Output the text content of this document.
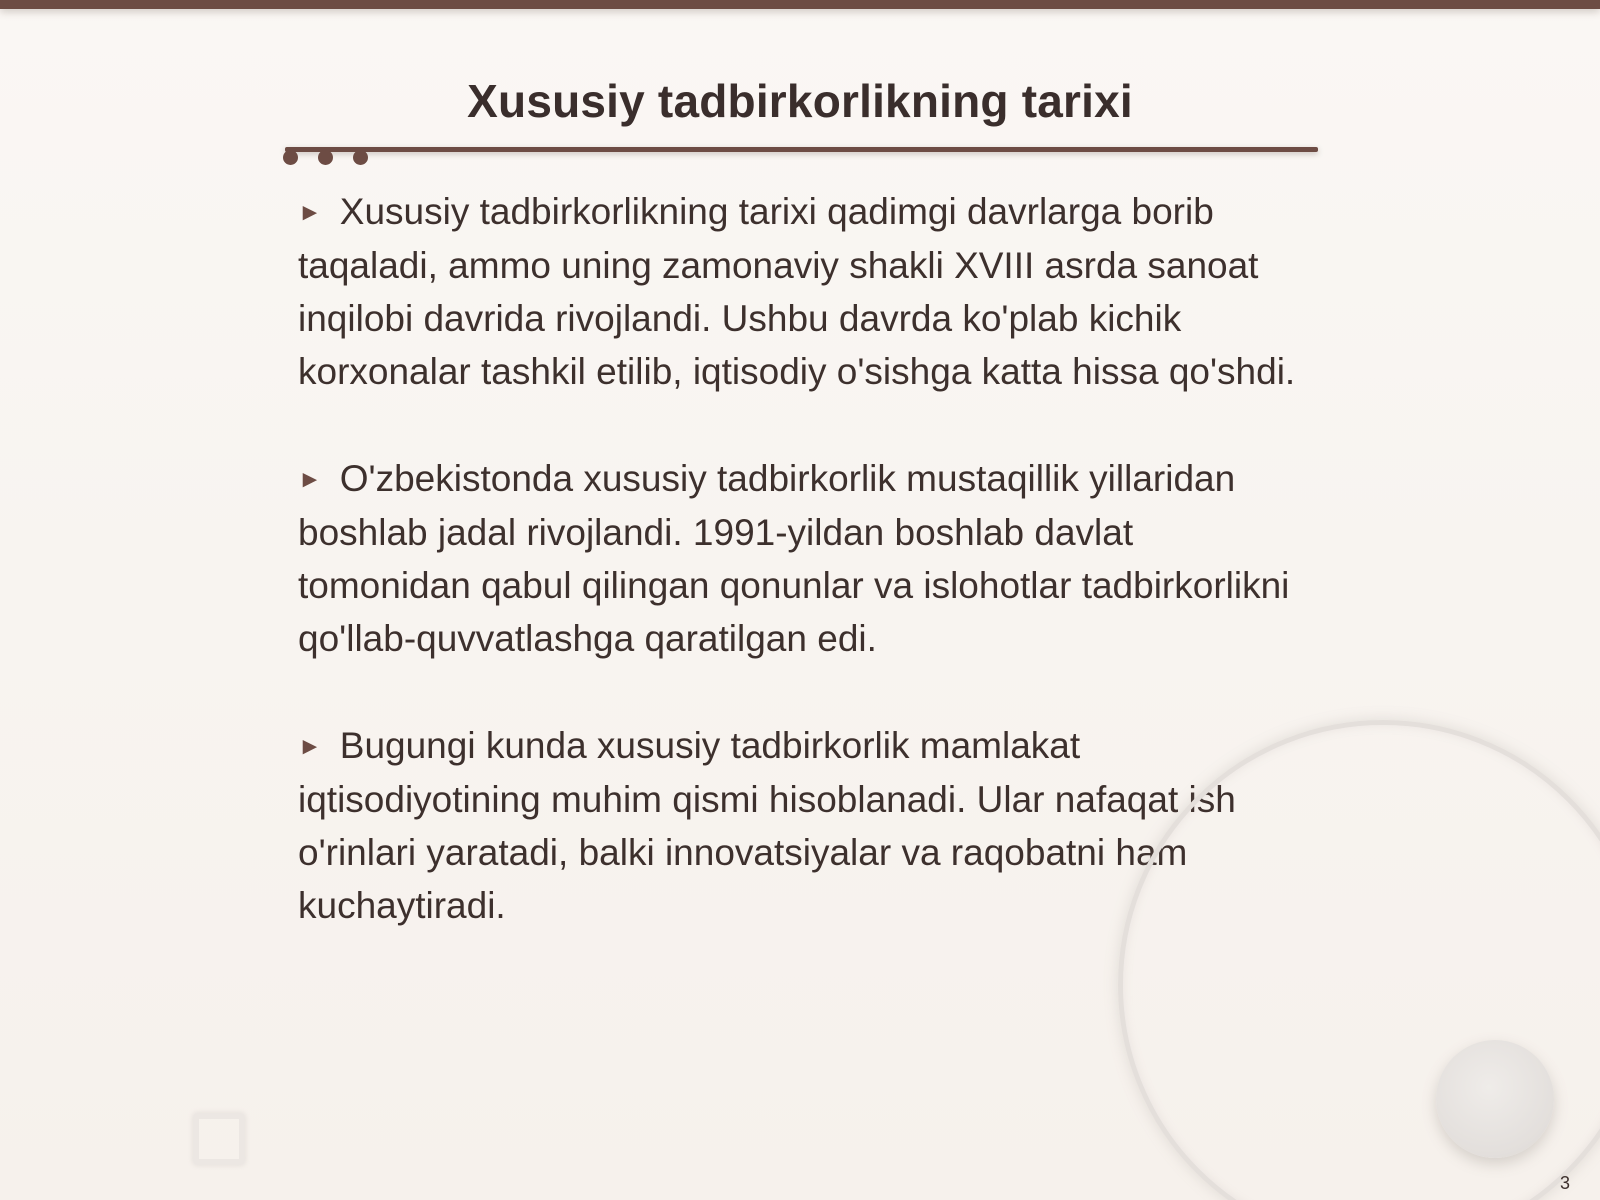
Xususiy tadbirkorlikning tarixi

► Xususiy tadbirkorlikning tarixi qadimgi davrlarga borib taqaladi, ammo uning zamonaviy shakli XVIII asrda sanoat inqilobi davrida rivojlandi. Ushbu davrda ko'plab kichik korxonalar tashkil etilib, iqtisodiy o'sishga katta hissa qo'shdi.

► O'zbekistonda xususiy tadbirkorlik mustaqillik yillaridan boshlab jadal rivojlandi. 1991-yildan boshlab davlat tomonidan qabul qilingan qonunlar va islohotlar tadbirkorlikni qo'llab-quvvatlashga qaratilgan edi.

► Bugungi kunda xususiy tadbirkorlik mamlakat iqtisodiyotining muhim qismi hisoblanadi. Ular nafaqat ish o'rinlari yaratadi, balki innovatsiyalar va raqobatni ham kuchaytiradi.

3
